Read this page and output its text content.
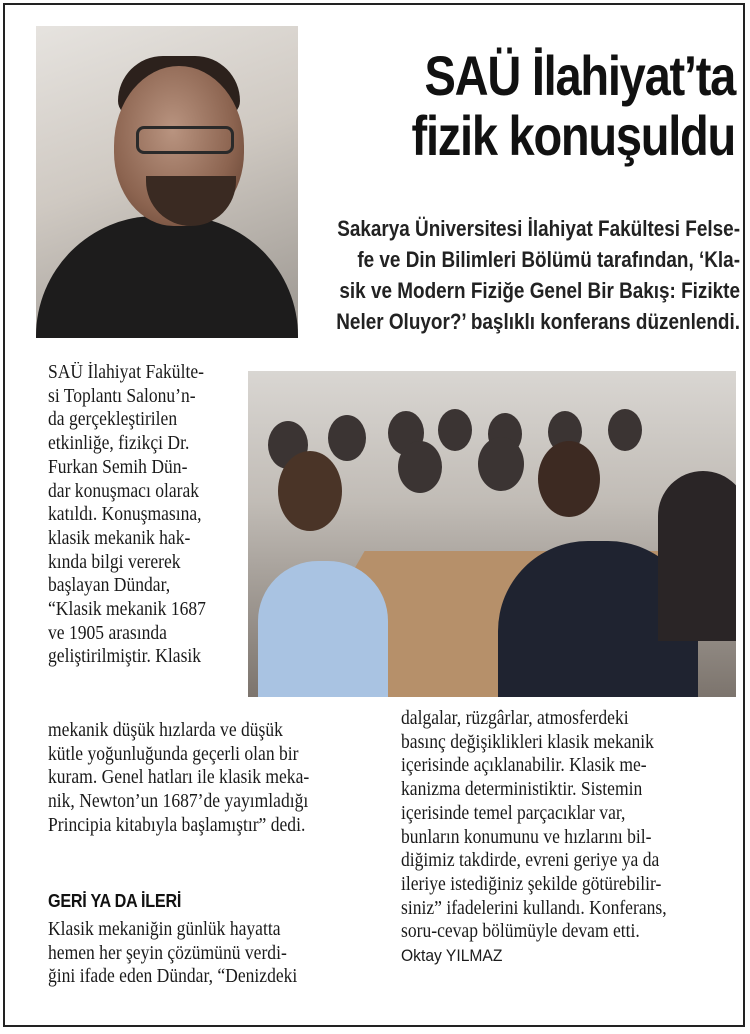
SAÜ İlahiyat’ta
fizik konuşuldu

Sakarya Üniversitesi İlahiyat Fakültesi Felse-
fe ve Din Bilimleri Bölümü tarafından, ‘Kla-
sik ve Modern Fiziğe Genel Bir Bakış: Fizikte
Neler Oluyor?’ başlıklı konferans düzenlendi.

SAÜ İlahiyat Fakülte-
si Toplantı Salonu’n-
da gerçekleştirilen
etkinliğe, fizikçi Dr.
Furkan Semih Dün-
dar konuşmacı olarak
katıldı. Konuşmasına,
klasik mekanik hak-
kında bilgi vererek
başlayan Dündar,
“Klasik mekanik 1687
ve 1905 arasında
geliştirilmiştir. Klasik

mekanik düşük hızlarda ve düşük
kütle yoğunluğunda geçerli olan bir
kuram. Genel hatları ile klasik meka-
nik, Newton’un 1687’de yayımladığı
Principia kitabıyla başlamıştır” dedi.

GERİ YA DA İLERİ

Klasik mekaniğin günlük hayatta
hemen her şeyin çözümünü verdi-
ğini ifade eden Dündar, “Denizdeki

dalgalar, rüzgârlar, atmosferdeki
basınç değişiklikleri klasik mekanik
içerisinde açıklanabilir. Klasik me-
kanizma deterministiktir. Sistemin
içerisinde temel parçacıklar var,
bunların konumunu ve hızlarını bil-
diğimiz takdirde, evreni geriye ya da
ileriye istediğiniz şekilde götürebilir-
siniz” ifadelerini kullandı. Konferans,
soru-cevap bölümüyle devam etti.
Oktay YILMAZ
